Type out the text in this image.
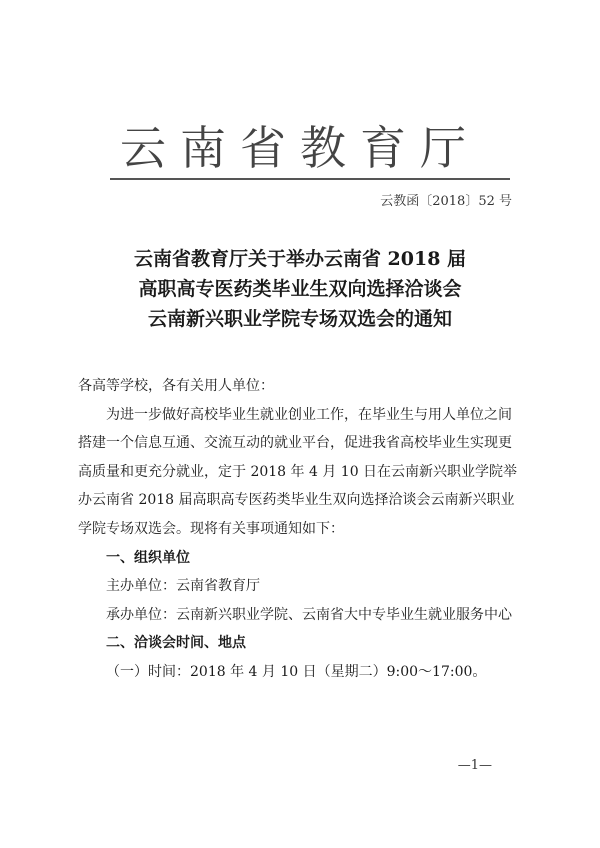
云南省教育厅
云教函〔2018〕52 号
云南省教育厅关于举办云南省 2018 届
高职高专医药类毕业生双向选择洽谈会
云南新兴职业学院专场双选会的通知

各高等学校，各有关用人单位：

为进一步做好高校毕业生就业创业工作，在毕业生与用人单位之间搭建一个信息互通、交流互动的就业平台，促进我省高校毕业生实现更高质量和更充分就业，定于 2018 年 4 月 10 日在云南新兴职业学院举办云南省 2018 届高职高专医药类毕业生双向选择洽谈会云南新兴职业学院专场双选会。现将有关事项通知如下：

一、组织单位

主办单位：云南省教育厅

承办单位：云南新兴职业学院、云南省大中专毕业生就业服务中心

二、洽谈会时间、地点

（一）时间：2018 年 4 月 10 日（星期二）9:00～17:00。

—1—
